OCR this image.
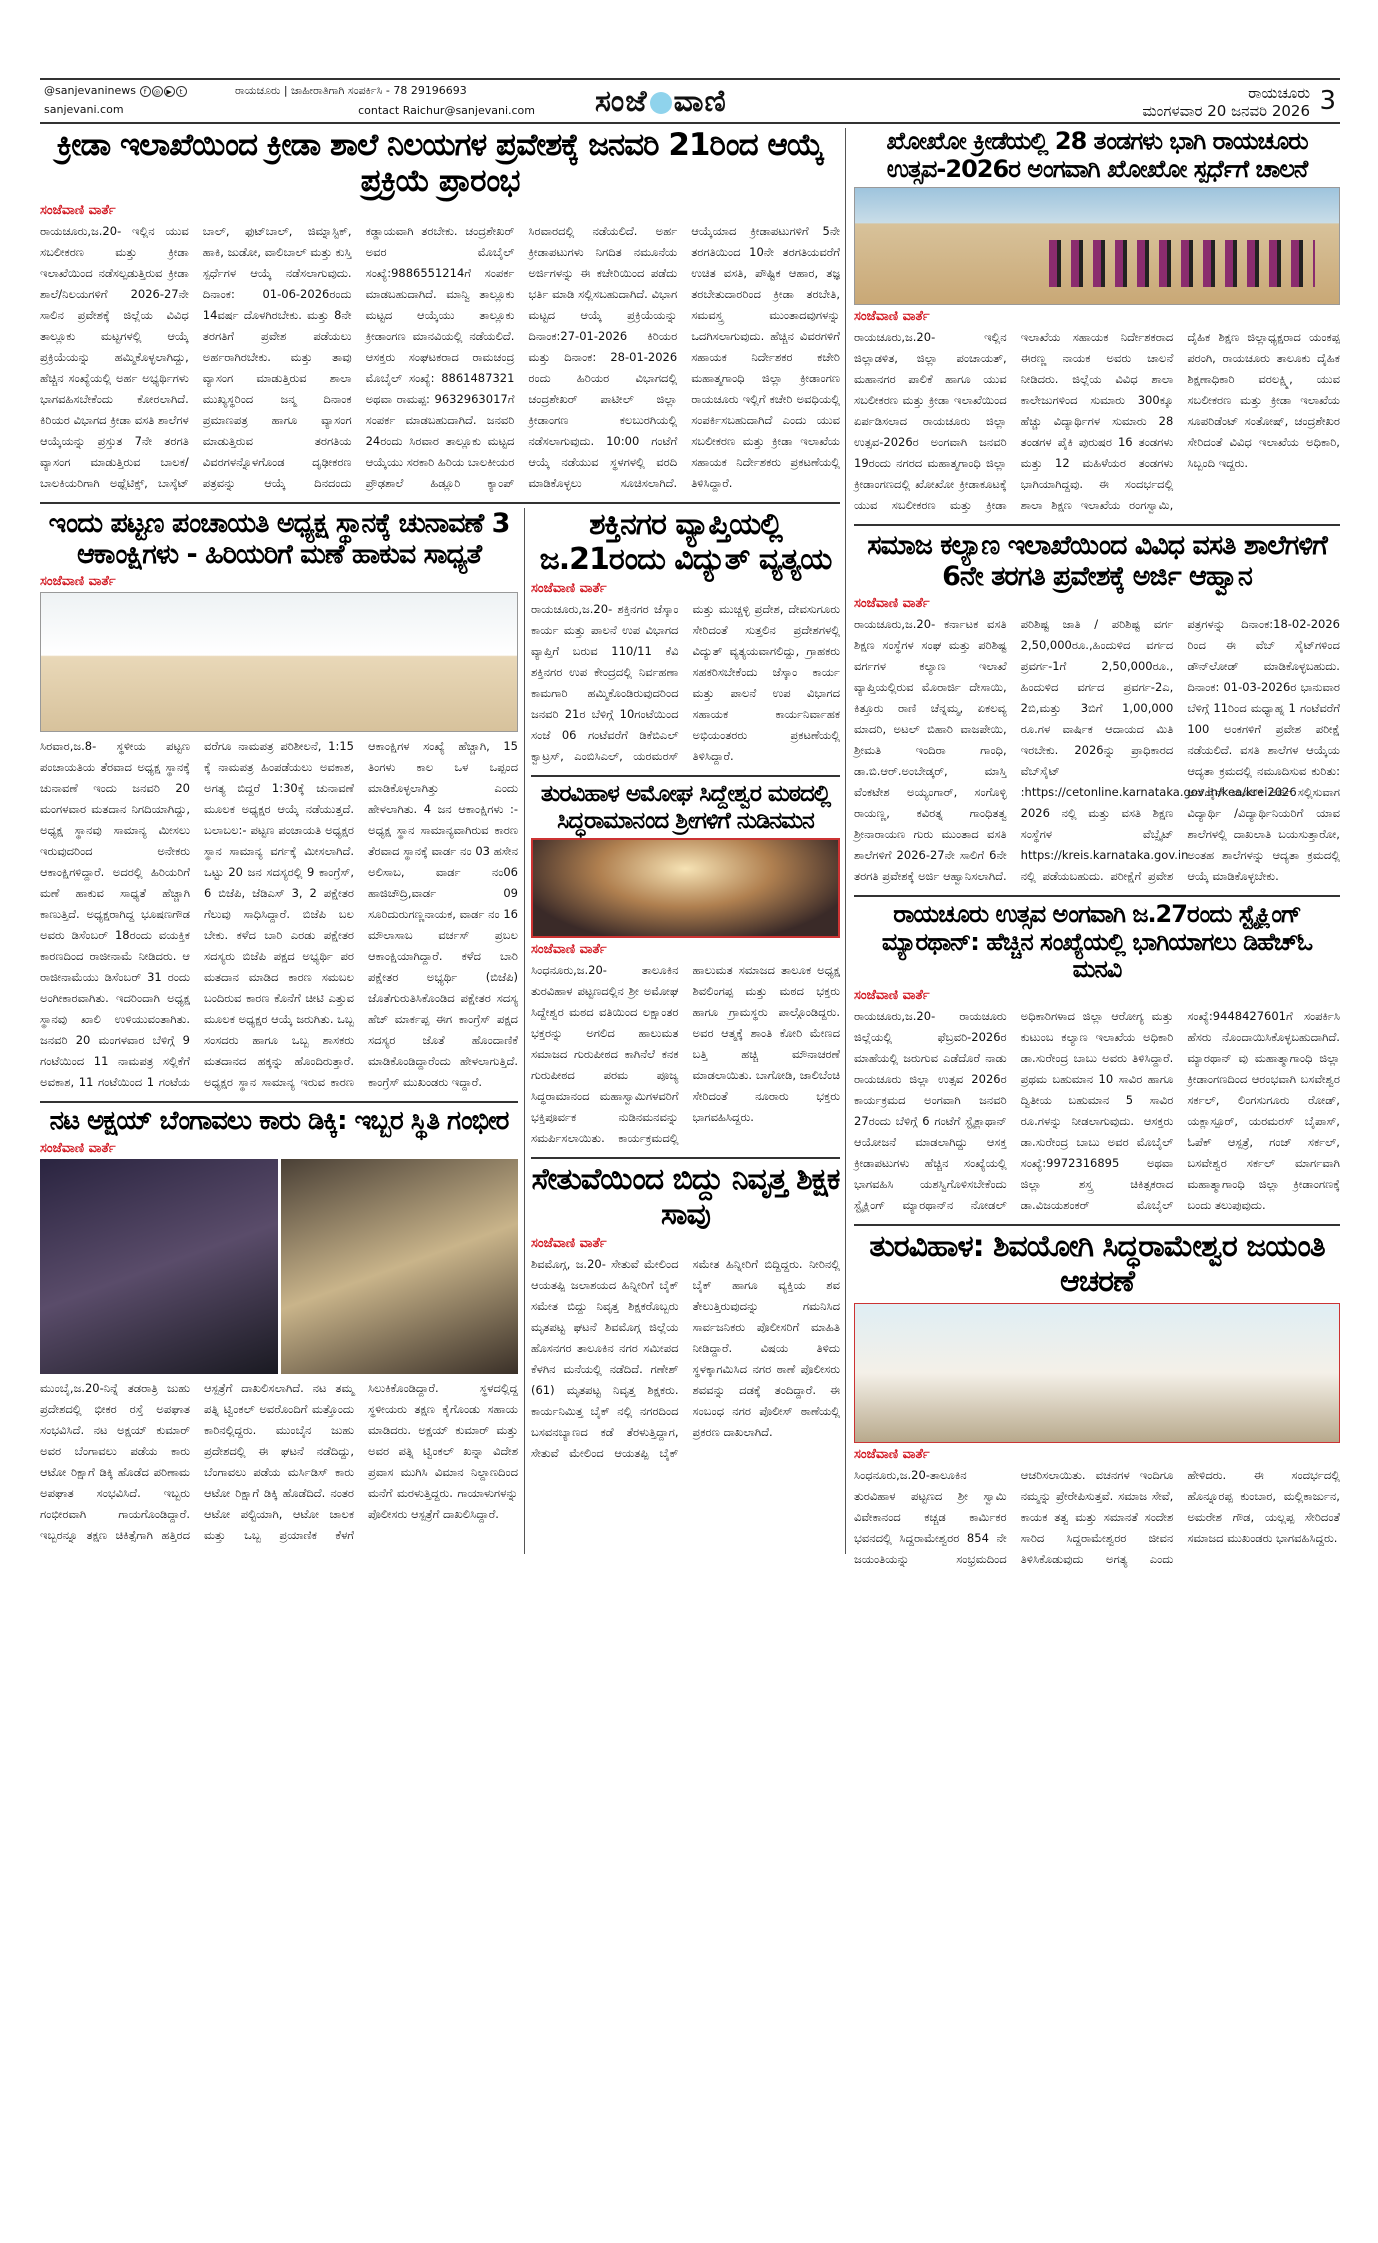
@sanjevaninews f ◎ ▶ t
sanjevani.com
ರಾಯಚೂರು | ಜಾಹೀರಾತಿಗಾಗಿ ಸಂಪರ್ಕಿಸಿ - 78 29196693
contact Raichur@sanjevani.com ಸಂಜೆ ವಾಣಿ	ರಾಯಚೂರು
ಮಂಗಳವಾರ 20 ಜನವರಿ 2026 3
ಕ್ರೀಡಾ ಇಲಾಖೆಯಿಂದ ಕ್ರೀಡಾ ಶಾಲೆ ನಿಲಯಗಳ ಪ್ರವೇಶಕ್ಕೆ ಜನವರಿ 21ರಿಂದ ಆಯ್ಕೆ ಪ್ರಕ್ರಿಯೆ ಪ್ರಾರಂಭ
ಸಂಜೆವಾಣಿ ವಾರ್ತೆ

ರಾಯಚೂರು,ಜ.20- ಇಲ್ಲಿನ ಯುವ ಸಬಲೀಕರಣ ಮತ್ತು ಕ್ರೀಡಾ ಇಲಾಖೆಯಿಂದ ನಡೆಸಲ್ಪಡುತ್ತಿರುವ ಕ್ರೀಡಾ ಶಾಲೆ/ನಿಲಯಗಳಿಗೆ 2026-27ನೇ ಸಾಲಿನ ಪ್ರವೇಶಕ್ಕೆ ಜಿಲ್ಲೆಯ ವಿವಿಧ ತಾಲ್ಲೂಕು ಮಟ್ಟಗಳಲ್ಲಿ ಆಯ್ಕೆ ಪ್ರಕ್ರಿಯೆಯನ್ನು ಹಮ್ಮಿಕೊಳ್ಳಲಾಗಿದ್ದು, ಹೆಚ್ಚಿನ ಸಂಖ್ಯೆಯಲ್ಲಿ ಅರ್ಹ ಅಭ್ಯರ್ಥಿಗಳು ಭಾಗವಹಿಸಬೇಕೆಂದು ಕೋರಲಾಗಿದೆ. ಕಿರಿಯರ ವಿಭಾಗದ ಕ್ರೀಡಾ ವಸತಿ ಶಾಲೆಗಳ ಆಯ್ಕೆಯನ್ನು ಪ್ರಸ್ತುತ 7ನೇ ತರಗತಿ ವ್ಯಾಸಂಗ ಮಾಡುತ್ತಿರುವ ಬಾಲಕ/ಬಾಲಕಿಯರಿಗಾಗಿ ಅಥ್ಲೆಟಿಕ್ಸ್, ಬಾಸ್ಕೆಟ್ ಬಾಲ್, ಫುಟ್‌ಬಾಲ್, ಜಿಮ್ನಾಸ್ಟಿಕ್, ಹಾಕಿ, ಜುಡೋ, ವಾಲಿಬಾಲ್ ಮತ್ತು ಕುಸ್ತಿ ಸ್ಪರ್ಧೆಗಳ ಆಯ್ಕೆ ನಡೆಸಲಾಗುವುದು. ದಿನಾಂಕ: 01-06-2026ರಂದು 14ವರ್ಷ ದೊಳಗಿರಬೇಕು. ಮತ್ತು 8ನೇ ತರಗತಿಗೆ ಪ್ರವೇಶ ಪಡೆಯಲು ಅರ್ಹರಾಗಿರಬೇಕು. ಮತ್ತು ತಾವು ವ್ಯಾಸಂಗ ಮಾಡುತ್ತಿರುವ ಶಾಲಾ ಮುಖ್ಯಸ್ಥರಿಂದ ಜನ್ಮ ದಿನಾಂಕ ಪ್ರಮಾಣಪತ್ರ ಹಾಗೂ ವ್ಯಾಸಂಗ ಮಾಡುತ್ತಿರುವ ತರಗತಿಯ ವಿವರಗಳನ್ನೊಳಗೊಂಡ ದೃಢೀಕರಣ ಪತ್ರವನ್ನು ಆಯ್ಕೆ ದಿನದಂದು ಕಡ್ಡಾಯವಾಗಿ ತರಬೇಕು. ಚಂದ್ರಶೇಖರ್ ಅವರ ಮೊಬೈಲ್ ಸಂಖ್ಯೆ:9886551214ಗೆ ಸಂಪರ್ಕ ಮಾಡಬಹುದಾಗಿದೆ. ಮಾನ್ವಿ ತಾಲ್ಲೂಕು ಮಟ್ಟದ ಆಯ್ಕೆಯು ತಾಲ್ಲೂಕು ಕ್ರೀಡಾಂಗಣ ಮಾನವಿಯಲ್ಲಿ ನಡೆಯಲಿದೆ. ಆಸಕ್ತರು ಸಂಘಟಕರಾದ ರಾಮಚಂದ್ರ ಮೊಬೈಲ್ ಸಂಖ್ಯೆ: 8861487321 ಅಥವಾ ರಾಮಪ್ಪ: 9632963017ಗೆ ಸಂಪರ್ಕ ಮಾಡಬಹುದಾಗಿದೆ. ಜನವರಿ 24ರಂದು ಸಿರವಾರ ತಾಲ್ಲೂಕು ಮಟ್ಟದ ಆಯ್ಕೆಯು ಸರಕಾರಿ ಹಿರಿಯ ಬಾಲಕೀಯರ ಪ್ರೌಢಶಾಲೆ ಹಿಡ್ಲೂರಿ ಕ್ಯಾಂಪ್ ಸಿರವಾರದಲ್ಲಿ ನಡೆಯಲಿದೆ. ಅರ್ಹ ಕ್ರೀಡಾಪಟುಗಳು ನಿಗದಿತ ನಮೂನೆಯ ಅರ್ಜಿಗಳನ್ನು ಈ ಕಚೇರಿಯಿಂದ ಪಡೆದು ಭರ್ತಿ ಮಾಡಿ ಸಲ್ಲಿಸಬಹುದಾಗಿದೆ. ವಿಭಾಗ ಮಟ್ಟದ ಆಯ್ಕೆ ಪ್ರಕ್ರಿಯೆಯನ್ನು ದಿನಾಂಕ:27-01-2026 ಕಿರಿಯರ ಮತ್ತು ದಿನಾಂಕ: 28-01-2026 ರಂದು ಹಿರಿಯರ ವಿಭಾಗದಲ್ಲಿ ಚಂದ್ರಶೇಖರ್ ಪಾಟೀಲ್ ಜಿಲ್ಲಾ ಕ್ರೀಡಾಂಗಣ ಕಲಬುರಗಿಯಲ್ಲಿ ನಡೆಸಲಾಗುವುದು. 10:00 ಗಂಟೆಗೆ ಆಯ್ಕೆ ನಡೆಯುವ ಸ್ಥಳಗಳಲ್ಲಿ ವರದಿ ಮಾಡಿಕೊಳ್ಳಲು ಸೂಚಿಸಲಾಗಿದೆ. ಆಯ್ಕೆಯಾದ ಕ್ರೀಡಾಪಟುಗಳಿಗೆ 5ನೇ ತರಗತಿಯಿಂದ 10ನೇ ತರಗತಿಯವರೆಗೆ ಉಚಿತ ವಸತಿ, ಪೌಷ್ಟಿಕ ಆಹಾರ, ತಜ್ಞ ತರಬೇತುದಾರರಿಂದ ಕ್ರೀಡಾ ತರಬೇತಿ, ಸಮವಸ್ತ್ರ ಮುಂತಾದವುಗಳನ್ನು ಒದಗಿಸಲಾಗುವುದು. ಹೆಚ್ಚಿನ ವಿವರಗಳಿಗೆ ಸಹಾಯಕ ನಿರ್ದೇಶಕರ ಕಚೇರಿ ಮಹಾತ್ಮಗಾಂಧಿ ಜಿಲ್ಲಾ ಕ್ರೀಡಾಂಗಣ ರಾಯಚೂರು ಇಲ್ಲಿಗೆ ಕಚೇರಿ ಅವಧಿಯಲ್ಲಿ ಸಂಪರ್ಕಿಸಬಹುದಾಗಿದೆ ಎಂದು ಯುವ ಸಬಲೀಕರಣ ಮತ್ತು ಕ್ರೀಡಾ ಇಲಾಖೆಯ ಸಹಾಯಕ ನಿರ್ದೇಶಕರು ಪ್ರಕಟಣೆಯಲ್ಲಿ ತಿಳಿಸಿದ್ದಾರೆ.

ಇಂದು ಪಟ್ಟಣ ಪಂಚಾಯತಿ ಅಧ್ಯಕ್ಷ ಸ್ಥಾನಕ್ಕೆ ಚುನಾವಣೆ 3 ಆಕಾಂಕ್ಷಿಗಳು - ಹಿರಿಯರಿಗೆ ಮಣೆ ಹಾಕುವ ಸಾಧ್ಯತೆ
ಸಂಜೆವಾಣಿ ವಾರ್ತೆ

ಸಿರವಾರ,ಜ.8- ಸ್ಥಳೀಯ ಪಟ್ಟಣ ಪಂಚಾಯತಿಯ ತೆರವಾದ ಅಧ್ಯಕ್ಷ ಸ್ಥಾನಕ್ಕೆ ಚುನಾವಣೆ ಇಂದು ಜನವರಿ 20 ಮಂಗಳವಾರ ಮತದಾನ ನಿಗದಿಯಾಗಿದ್ದು, ಅಧ್ಯಕ್ಷ ಸ್ಥಾನವು ಸಾಮಾನ್ಯ ಮೀಸಲು ಇರುವುದರಿಂದ ಅನೇಕರು ಆಕಾಂಕ್ಷಿಗಳಿದ್ದಾರೆ. ಅದರಲ್ಲಿ ಹಿರಿಯರಿಗೆ ಮಣೆ ಹಾಕುವ ಸಾಧ್ಯತೆ ಹೆಚ್ಚಾಗಿ ಕಾಣುತ್ತಿದೆ. ಅಧ್ಯಕ್ಷರಾಗಿದ್ದ ಭೂಷಣಗೌಡ ಅವರು ಡಿಸೆಂಬರ್ 18ರಂದು ವಯಕ್ತಿಕ ಕಾರಣದಿಂದ ರಾಜೀನಾಮೆ ನೀಡಿದರು. ಆ ರಾಜೀನಾಮೆಯು ಡಿಸೆಂಬರ್ 31 ರಂದು ಅಂಗೀಕಾರವಾಗಿತು. ಇದರಿಂದಾಗಿ ಅಧ್ಯಕ್ಷ ಸ್ಥಾನವು ಖಾಲಿ ಉಳಿಯುವಂತಾಗಿತು. ಜನವರಿ 20 ಮಂಗಳವಾರ ಬೆಳಿಗ್ಗೆ 9 ಗಂಟೆಯಿಂದ 11 ನಾಮಪತ್ರ ಸಲ್ಲಿಕೆಗೆ ಅವಕಾಶ, 11 ಗಂಟೆಯಿಂದ 1 ಗಂಟೆಯ ವರೆಗೂ ನಾಮಪತ್ರ ಪರಿಶೀಲನೆ, 1:15 ಕ್ಕೆ ನಾಮಪತ್ರ ಹಿಂಪಡೆಯಲು ಅವಕಾಶ, ಅಗತ್ಯ ಬಿದ್ದರೆ 1:30ಕ್ಕೆ ಚುನಾವಣೆ ಮೂಲಕ ಅಧ್ಯಕ್ಷರ ಆಯ್ಕೆ ನಡೆಯುತ್ತದೆ. ಬಲಾಬಲ:- ಪಟ್ಟಣ ಪಂಚಾಯತಿ ಅಧ್ಯಕ್ಷರ ಸ್ಥಾನ ಸಾಮಾನ್ಯ ವರ್ಗಕ್ಕೆ ಮೀಸಲಾಗಿದೆ. ಒಟ್ಟು 20 ಜನ ಸದಸ್ಯರಲ್ಲಿ 9 ಕಾಂಗ್ರೆಸ್, 6 ಬಿಜೆಪಿ, ಜೆಡಿಎಸ್ 3, 2 ಪಕ್ಷೇತರ ಗೆಲುವು ಸಾಧಿಸಿದ್ದಾರೆ. ಬಿಜೆಪಿ ಬಲ ಬೇಕು. ಕಳೆದ ಬಾರಿ ಎರಡು ಪಕ್ಷೇತರ ಸದಸ್ಯರು ಬಿಜೆಪಿ ಪಕ್ಷದ ಅಭ್ಯರ್ಥಿ ಪರ ಮತದಾನ ಮಾಡಿದ ಕಾರಣ ಸಮಬಲ ಬಂದಿರುವ ಕಾರಣ ಕೊನೆಗೆ ಚೀಟಿ ಎತ್ತುವ ಮೂಲಕ ಅಧ್ಯಕ್ಷರ ಆಯ್ಕೆ ಜರುಗಿತು. ಒಬ್ಬ ಸಂಸದರು ಹಾಗೂ ಒಬ್ಬ ಶಾಸಕರು ಮತದಾನದ ಹಕ್ಕನ್ನು ಹೊಂದಿರುತ್ತಾರೆ. ಅಧ್ಯಕ್ಷರ ಸ್ಥಾನ ಸಾಮಾನ್ಯ ಇರುವ ಕಾರಣ ಆಕಾಂಕ್ಷಿಗಳ ಸಂಖ್ಯೆ ಹೆಚ್ಚಾಗಿ, 15 ತಿಂಗಳು ಕಾಲ ಒಳ ಒಪ್ಪಂದ ಮಾಡಿಕೊಳ್ಳಲಾಗಿತ್ತು ಎಂದು ಹೇಳಲಾಗಿತು. 4 ಜನ ಆಕಾಂಕ್ಷಿಗಳು :- ಅಧ್ಯಕ್ಷ ಸ್ಥಾನ ಸಾಮಾನ್ಯವಾಗಿರುವ ಕಾರಣ ತೆರವಾದ ಸ್ಥಾನಕ್ಕೆ ವಾರ್ಡ ನಂ 03 ಹಸೇನ ಅಲಿಸಾಬ, ವಾರ್ಡ ನಂ06 ಹಾಜಿಚೌದ್ರಿ,ವಾರ್ಡ 09 ಸೂರಿದುರುಗಣ್ಣನಾಯಕ, ವಾರ್ಡ ನಂ 16 ಮೌಲಾಸಾಬ ವರ್ಚಸ್ ಪ್ರಬಲ ಆಕಾಂಕ್ಷಿಯಾಗಿದ್ದಾರೆ. ಕಳೆದ ಬಾರಿ ಪಕ್ಷೇತರ ಅಭ್ಯರ್ಥಿ (ಬಿಜೆಪಿ) ಜೊತೆಗುರುತಿಸಿಕೊಂಡಿದ ಪಕ್ಷೇತರ ಸದಸ್ಯ ಹೆಚ್ ಮಾರ್ಕಪ್ಪ ಈಗ ಕಾಂಗ್ರೆಸ್ ಪಕ್ಷದ ಸದಸ್ಯರ ಜೊತೆ ಹೊಂದಾಣಿಕೆ ಮಾಡಿಕೊಂಡಿದ್ದಾರೆಂದು ಹೇಳಲಾಗುತ್ತಿದೆ. ಕಾಂಗ್ರೆಸ್ ಮುಖಂಡರು ಇದ್ದಾರೆ.

ನಟ ಅಕ್ಷಯ್ ಬೆಂಗಾವಲು ಕಾರು ಡಿಕ್ಕಿ: ಇಬ್ಬರ ಸ್ಥಿತಿ ಗಂಭೀರ
ಸಂಜೆವಾಣಿ ವಾರ್ತೆ

ಮುಂಬೈ,ಜ.20-ನಿನ್ನೆ ತಡರಾತ್ರಿ ಜುಹು ಪ್ರದೇಶದಲ್ಲಿ ಭೀಕರ ರಸ್ತೆ ಅಪಘಾತ ಸಂಭವಿಸಿದೆ. ನಟ ಅಕ್ಷಯ್ ಕುಮಾರ್ ಅವರ ಬೆಂಗಾವಲು ಪಡೆಯ ಕಾರು ಆಟೋ ರಿಕ್ಷಾಗೆ ಡಿಕ್ಕಿ ಹೊಡೆದ ಪರಿಣಾಮ ಅಪಘಾತ ಸಂಭವಿಸಿದೆ. ಇಬ್ಬರು ಗಂಭೀರವಾಗಿ ಗಾಯಗೊಂಡಿದ್ದಾರೆ. ಇಬ್ಬರನ್ನೂ ತಕ್ಷಣ ಚಿಕಿತ್ಸೆಗಾಗಿ ಹತ್ತಿರದ ಆಸ್ಪತ್ರೆಗೆ ದಾಖಲಿಸಲಾಗಿದೆ. ನಟ ತಮ್ಮ ಪತ್ನಿ ಟ್ವಿಂಕಲ್ ಅವರೊಂದಿಗೆ ಮತ್ತೊಂದು ಕಾರಿನಲ್ಲಿದ್ದರು. ಮುಂಬೈನ ಜುಹು ಪ್ರದೇಶದಲ್ಲಿ ಈ ಘಟನೆ ನಡೆದಿದ್ದು, ಬೆಂಗಾವಲು ಪಡೆಯ ಮರ್ಸಿಡಿಸ್ ಕಾರು ಆಟೋ ರಿಕ್ಷಾಗೆ ಡಿಕ್ಕಿ ಹೊಡೆದಿದೆ. ನಂತರ ಆಟೋ ಪಲ್ಟಿಯಾಗಿ, ಆಟೋ ಚಾಲಕ ಮತ್ತು ಒಬ್ಬ ಪ್ರಯಾಣಿಕ ಕೆಳಗೆ ಸಿಲುಕಿಕೊಂಡಿದ್ದಾರೆ. ಸ್ಥಳದಲ್ಲಿದ್ದ ಸ್ಥಳೀಯರು ತಕ್ಷಣ ಕೈಗೊಂಡು ಸಹಾಯ ಮಾಡಿದರು. ಅಕ್ಷಯ್ ಕುಮಾರ್ ಮತ್ತು ಅವರ ಪತ್ನಿ ಟ್ವಿಂಕಲ್ ಖನ್ನಾ ವಿದೇಶ ಪ್ರವಾಸ ಮುಗಿಸಿ ವಿಮಾನ ನಿಲ್ದಾಣದಿಂದ ಮನೆಗೆ ಮರಳುತ್ತಿದ್ದರು. ಗಾಯಾಳುಗಳನ್ನು ಪೊಲೀಸರು ಆಸ್ಪತ್ರೆಗೆ ದಾಖಲಿಸಿದ್ದಾರೆ.

ಶಕ್ತಿನಗರ ವ್ಯಾಪ್ತಿಯಲ್ಲಿ ಜ.21ರಂದು ವಿದ್ಯುತ್ ವ್ಯತ್ಯಯ
ಸಂಜೆವಾಣಿ ವಾರ್ತೆ

ರಾಯಚೂರು,ಜ.20- ಶಕ್ತಿನಗರ ಜೆಸ್ಕಾಂ ಕಾರ್ಯ ಮತ್ತು ಪಾಲನೆ ಉಪ ವಿಭಾಗದ ವ್ಯಾಪ್ತಿಗೆ ಬರುವ 110/11 ಕೆವಿ ಶಕ್ತಿನಗರ ಉಪ ಕೇಂದ್ರದಲ್ಲಿ ನಿರ್ವಹಣಾ ಕಾಮಗಾರಿ ಹಮ್ಮಿಕೊಂಡಿರುವುದರಿಂದ ಜನವರಿ 21ರ ಬೆಳಿಗ್ಗೆ 10ಗಂಟೆಯಿಂದ ಸಂಜೆ 06 ಗಂಟೆವರೆಗೆ ಡಿಕೆಬಿಎಲ್ ಕ್ವಾಟ್ರಸ್, ಎಂಬಿಸಿಎಲ್, ಯರಮರಸ್ ಮತ್ತು ಮುಚ್ಚಳ್ಳಿ ಪ್ರದೇಶ, ದೇವಸುಗೂರು ಸೇರಿದಂತೆ ಸುತ್ತಲಿನ ಪ್ರದೇಶಗಳಲ್ಲಿ ವಿದ್ಯುತ್ ವ್ಯತ್ಯಯವಾಗಲಿದ್ದು, ಗ್ರಾಹಕರು ಸಹಕರಿಸಬೇಕೆಂದು ಜೆಸ್ಕಾಂ ಕಾರ್ಯ ಮತ್ತು ಪಾಲನೆ ಉಪ ವಿಭಾಗದ ಸಹಾಯಕ ಕಾರ್ಯನಿರ್ವಾಹಕ ಅಭಿಯಂತರರು ಪ್ರಕಟಣೆಯಲ್ಲಿ ತಿಳಿಸಿದ್ದಾರೆ.

ತುರವಿಹಾಳ ಅಮೋಘ ಸಿದ್ದೇಶ್ವರ ಮಠದಲ್ಲಿ ಸಿದ್ಧರಾಮಾನಂದ ಶ್ರೀಗಳಿಗೆ ನುಡಿನಮನ
ಸಂಜೆವಾಣಿ ವಾರ್ತೆ

ಸಿಂಧನೂರು,ಜ.20- ತಾಲೂಕಿನ ತುರವಿಹಾಳ ಪಟ್ಟಣದಲ್ಲಿನ ಶ್ರೀ ಅಮೋಘ ಸಿದ್ದೇಶ್ವರ ಮಠದ ವತಿಯಿಂದ ಲಕ್ಷಾಂತರ ಭಕ್ತರನ್ನು ಅಗಲಿದ ಹಾಲುಮತ ಸಮಾಜದ ಗುರುಪೀಠದ ಕಾಗಿನೆಲೆ ಕನಕ ಗುರುಪೀಠದ ಪರಮ ಪೂಜ್ಯ ಸಿದ್ಧರಾಮಾನಂದ ಮಹಾಸ್ವಾಮಿಗಳವರಿಗೆ ಭಕ್ತಿಪೂರ್ವಕ ನುಡಿನಮನವನ್ನು ಸಮರ್ಪಿಸಲಾಯಿತು. ಕಾರ್ಯಕ್ರಮದಲ್ಲಿ ಹಾಲುಮತ ಸಮಾಜದ ತಾಲೂಕ ಅಧ್ಯಕ್ಷ ಶಿವಲಿಂಗಪ್ಪ ಮತ್ತು ಮಠದ ಭಕ್ತರು ಹಾಗೂ ಗ್ರಾಮಸ್ಥರು ಪಾಲ್ಗೊಂಡಿದ್ದರು. ಅವರ ಆತ್ಮಕ್ಕೆ ಶಾಂತಿ ಕೋರಿ ಮೇಣದ ಬತ್ತಿ ಹಚ್ಚಿ ಮೌನಾಚರಣೆ ಮಾಡಲಾಯಿತು. ಬಾಗೋಡಿ, ಜಾಲಿಬೆಂಚಿ ಸೇರಿದಂತೆ ನೂರಾರು ಭಕ್ತರು ಭಾಗವಹಿಸಿದ್ದರು.

ಸೇತುವೆಯಿಂದ ಬಿದ್ದು ನಿವೃತ್ತ ಶಿಕ್ಷಕ ಸಾವು
ಸಂಜೆವಾಣಿ ವಾರ್ತೆ

ಶಿವಮೊಗ್ಗ, ಜ.20- ಸೇತುವೆ ಮೇಲಿಂದ ಆಯತಪ್ಪಿ ಜಲಾಶಯದ ಹಿನ್ನೀರಿಗೆ ಬೈಕ್ ಸಮೇತ ಬಿದ್ದು ನಿವೃತ್ತ ಶಿಕ್ಷಕರೊಬ್ಬರು ಮೃತಪಟ್ಟ ಘಟನೆ ಶಿವಮೊಗ್ಗ ಜಿಲ್ಲೆಯ ಹೊಸನಗರ ತಾಲೂಕಿನ ನಗರ ಸಮೀಪದ ಕೆಳಗಿನ ಮನೆಯಲ್ಲಿ ನಡೆದಿದೆ. ಗಣೇಶ್ (61) ಮೃತಪಟ್ಟ ನಿವೃತ್ತ ಶಿಕ್ಷಕರು. ಕಾರ್ಯನಿಮಿತ್ತ ಬೈಕ್ ನಲ್ಲಿ ನಗರದಿಂದ ಬಸವನಬ್ಯಾಣದ ಕಡೆ ತೆರಳುತ್ತಿದ್ದಾಗ, ಸೇತುವೆ ಮೇಲಿಂದ ಆಯತಪ್ಪಿ ಬೈಕ್ ಸಮೇತ ಹಿನ್ನೀರಿಗೆ ಬಿದ್ದಿದ್ದರು. ನೀರಿನಲ್ಲಿ ಬೈಕ್ ಹಾಗೂ ವ್ಯಕ್ತಿಯ ಶವ ತೇಲುತ್ತಿರುವುದನ್ನು ಗಮನಿಸಿದ ಸಾರ್ವಜನಿಕರು ಪೊಲೀಸರಿಗೆ ಮಾಹಿತಿ ನೀಡಿದ್ದಾರೆ. ವಿಷಯ ತಿಳಿದು ಸ್ಥಳಕ್ಕಾಗಮಿಸಿದ ನಗರ ಠಾಣೆ ಪೊಲೀಸರು ಶವವನ್ನು ದಡಕ್ಕೆ ತಂದಿದ್ದಾರೆ. ಈ ಸಂಬಂಧ ನಗರ ಪೊಲೀಸ್ ಠಾಣೆಯಲ್ಲಿ ಪ್ರಕರಣ ದಾಖಲಾಗಿದೆ.

ಖೋಖೋ ಕ್ರೀಡೆಯಲ್ಲಿ 28 ತಂಡಗಳು ಭಾಗಿ ರಾಯಚೂರು ಉತ್ಸವ-2026ರ ಅಂಗವಾಗಿ ಖೋಖೋ ಸ್ಪರ್ಧೆಗೆ ಚಾಲನೆ
ಸಂಜೆವಾಣಿ ವಾರ್ತೆ

ರಾಯಚೂರು,ಜ.20- ಇಲ್ಲಿನ ಜಿಲ್ಲಾಡಳಿತ, ಜಿಲ್ಲಾ ಪಂಚಾಯತ್, ಮಹಾನಗರ ಪಾಲಿಕೆ ಹಾಗೂ ಯುವ ಸಬಲೀಕರಣ ಮತ್ತು ಕ್ರೀಡಾ ಇಲಾಖೆಯಿಂದ ಏರ್ಪಡಿಸಲಾದ ರಾಯಚೂರು ಜಿಲ್ಲಾ ಉತ್ಸವ-2026ರ ಅಂಗವಾಗಿ ಜನವರಿ 19ರಂದು ನಗರದ ಮಹಾತ್ಮಗಾಂಧಿ ಜಿಲ್ಲಾ ಕ್ರೀಡಾಂಗಣದಲ್ಲಿ ಖೋಖೋ ಕ್ರೀಡಾಕೂಟಕ್ಕೆ ಯುವ ಸಬಲೀಕರಣ ಮತ್ತು ಕ್ರೀಡಾ ಇಲಾಖೆಯ ಸಹಾಯಕ ನಿರ್ದೇಶಕರಾದ ಈರಣ್ಣ ನಾಯಕ ಅವರು ಚಾಲನೆ ನೀಡಿದರು. ಜಿಲ್ಲೆಯ ವಿವಿಧ ಶಾಲಾ ಕಾಲೇಜುಗಳಿಂದ ಸುಮಾರು 300ಕ್ಕೂ ಹೆಚ್ಚು ವಿದ್ಯಾರ್ಥಿಗಳ ಸುಮಾರು 28 ತಂಡಗಳ ಪೈಕಿ ಪುರುಷರ 16 ತಂಡಗಳು ಮತ್ತು 12 ಮಹಿಳೆಯರ ತಂಡಗಳು ಭಾಗಿಯಾಗಿದ್ದವು. ಈ ಸಂದರ್ಭದಲ್ಲಿ ಶಾಲಾ ಶಿಕ್ಷಣ ಇಲಾಖೆಯ ರಂಗಸ್ವಾಮಿ, ದೈಹಿಕ ಶಿಕ್ಷಣ ಜಿಲ್ಲಾಧ್ಯಕ್ಷರಾದ ಯಂಕಪ್ಪ ಪರಂಗಿ, ರಾಯಚೂರು ತಾಲೂಕು ದೈಹಿಕ ಶಿಕ್ಷಣಾಧಿಕಾರಿ ವರಲಕ್ಷ್ಮಿ, ಯುವ ಸಬಲೀಕರಣ ಮತ್ತು ಕ್ರೀಡಾ ಇಲಾಖೆಯ ಸೂಪರಿಡೆಂಟ್ ಸಂತೋಷ್, ಚಂದ್ರಶೇಖರ ಸೇರಿದಂತೆ ವಿವಿಧ ಇಲಾಖೆಯ ಅಧಿಕಾರಿ, ಸಿಬ್ಬಂದಿ ಇದ್ದರು.

ಸಮಾಜ ಕಲ್ಯಾಣ ಇಲಾಖೆಯಿಂದ ವಿವಿಧ ವಸತಿ ಶಾಲೆಗಳಿಗೆ 6ನೇ ತರಗತಿ ಪ್ರವೇಶಕ್ಕೆ ಅರ್ಜಿ ಆಹ್ವಾನ
ಸಂಜೆವಾಣಿ ವಾರ್ತೆ

ರಾಯಚೂರು,ಜ.20- ಕರ್ನಾಟಕ ವಸತಿ ಶಿಕ್ಷಣ ಸಂಸ್ಥೆಗಳ ಸಂಘ ಮತ್ತು ಪರಿಶಿಷ್ಟ ವರ್ಗಗಳ ಕಲ್ಯಾಣ ಇಲಾಖೆ ವ್ಯಾಪ್ತಿಯಲ್ಲಿರುವ ಮೊರಾರ್ಜಿ ದೇಸಾಯಿ, ಕಿತ್ತೂರು ರಾಣಿ ಚೆನ್ನಮ್ಮ, ಏಕಲವ್ಯ ಮಾದರಿ, ಅಟಲ್ ಬಿಹಾರಿ ವಾಜಪೇಯಿ, ಶ್ರೀಮತಿ ಇಂದಿರಾ ಗಾಂಧಿ, ಡಾ.ಬಿ.ಆರ್.ಅಂಬೇಡ್ಕರ್, ಮಾಸ್ತಿ ವೆಂಕಟೇಶ ಅಯ್ಯಂಗಾರ್, ಸಂಗೊಳ್ಳಿ ರಾಯಣ್ಣ, ಕವಿರತ್ನ ಗಾಂಧಿತತ್ವ ಶ್ರೀನಾರಾಯಣ ಗುರು ಮುಂತಾದ ವಸತಿ ಶಾಲೆಗಳಿಗೆ 2026-27ನೇ ಸಾಲಿಗೆ 6ನೇ ತರಗತಿ ಪ್ರವೇಶಕ್ಕೆ ಅರ್ಜಿ ಆಹ್ವಾನಿಸಲಾಗಿದೆ. ಪರಿಶಿಷ್ಟ ಜಾತಿ / ಪರಿಶಿಷ್ಟ ವರ್ಗ 2,50,000ರೂ.,ಹಿಂದುಳಿದ ವರ್ಗದ ಪ್ರವರ್ಗ-1ಗೆ 2,50,000ರೂ., ಹಿಂದುಳಿದ ವರ್ಗದ ಪ್ರವರ್ಗ-2ಎ, 2ಬಿ,ಮತ್ತು 3ಬಿಗೆ 1,00,000 ರೂ.ಗಳ ವಾರ್ಷಿಕ ಆದಾಯದ ಮಿತಿ ಇರಬೇಕು. 2026ನ್ನು ಪ್ರಾಧಿಕಾರದ ವೆಬ್‌ಸೈಟ್ :https://cetonline.karnataka.gov.in/kea/krei2026 2026 ನಲ್ಲಿ ಮತ್ತು ವಸತಿ ಶಿಕ್ಷಣ ಸಂಸ್ಥೆಗಳ ವೆಬ್ಸೈಟ್ https://kreis.karnataka.gov.in ನಲ್ಲಿ ಪಡೆಯಬಹುದು. ಪರೀಕ್ಷೆಗೆ ಪ್ರವೇಶ ಪತ್ರಗಳನ್ನು ದಿನಾಂಕ:18-02-2026 ರಿಂದ ಈ ವೆಬ್ ಸೈಟ್‌ಗಳಿಂದ ಡೌನ್‌ಲೋಡ್ ಮಾಡಿಕೊಳ್ಳಬಹುದು. ದಿನಾಂಕ: 01-03-2026ರ ಭಾನುವಾರ ಬೆಳಿಗ್ಗೆ 11ರಿಂದ ಮಧ್ಯಾಹ್ನ 1 ಗಂಟೆವರೆಗೆ 100 ಅಂಕಗಳಿಗೆ ಪ್ರವೇಶ ಪರೀಕ್ಷೆ ನಡೆಯಲಿದೆ. ವಸತಿ ಶಾಲೆಗಳ ಆಯ್ಕೆಯ ಆದ್ಯತಾ ಕ್ರಮದಲ್ಲಿ ನಮೂದಿಸುವ ಕುರಿತು: ಆನ್‌ಲೈನ್ ಮೂಲಕ ಅರ್ಜಿ ಸಲ್ಲಿಸುವಾಗ ವಿದ್ಯಾರ್ಥಿ /ವಿದ್ಯಾರ್ಥಿನಿಯರಿಗೆ ಯಾವ ಶಾಲೆಗಳಲ್ಲಿ ದಾಖಲಾತಿ ಬಯಸುತ್ತಾರೋ, ಅಂತಹ ಶಾಲೆಗಳನ್ನು ಆದ್ಯತಾ ಕ್ರಮದಲ್ಲಿ ಆಯ್ಕೆ ಮಾಡಿಕೊಳ್ಳಬೇಕು.

ರಾಯಚೂರು ಉತ್ಸವ ಅಂಗವಾಗಿ ಜ.27ರಂದು ಸ್ಟೈಕ್ಲಿಂಗ್ ಮ್ಯಾರಥಾನ್: ಹೆಚ್ಚಿನ ಸಂಖ್ಯೆಯಲ್ಲಿ ಭಾಗಿಯಾಗಲು ಡಿಹೆಚ್‌ಓ ಮನವಿ
ಸಂಜೆವಾಣಿ ವಾರ್ತೆ

ರಾಯಚೂರು,ಜ.20- ರಾಯಚೂರು ಜಿಲ್ಲೆಯಲ್ಲಿ ಫೆಬ್ರವರಿ-2026ರ ಮಾಹೆಯಲ್ಲಿ ಜರುಗುವ ಎಡೆದೊರೆ ನಾಡು ರಾಯಚೂರು ಜಿಲ್ಲಾ ಉತ್ಸವ 2026ರ ಕಾರ್ಯಕ್ರಮದ ಅಂಗವಾಗಿ ಜನವರಿ 27ರಂದು ಬೆಳಿಗ್ಗೆ 6 ಗಂಟೆಗೆ ಸ್ಟೈಕ್ಲಾಥಾನ್ ಆಯೋಜನೆ ಮಾಡಲಾಗಿದ್ದು ಆಸಕ್ತ ಕ್ರೀಡಾಪಟುಗಳು ಹೆಚ್ಚಿನ ಸಂಖ್ಯೆಯಲ್ಲಿ ಭಾಗವಹಿಸಿ ಯಶಸ್ವಿಗೊಳಿಸಬೇಕೆಂದು ಸ್ಟೈಕ್ಲಿಂಗ್ ಮ್ಯಾರಥಾನ್‌ನ ನೋಡಲ್ ಅಧಿಕಾರಿಗಳಾದ ಜಿಲ್ಲಾ ಆರೋಗ್ಯ ಮತ್ತು ಕುಟುಂಬ ಕಲ್ಯಾಣ ಇಲಾಖೆಯ ಅಧಿಕಾರಿ ಡಾ.ಸುರೇಂದ್ರ ಬಾಬು ಅವರು ತಿಳಿಸಿದ್ದಾರೆ. ಪ್ರಥಮ ಬಹುಮಾನ 10 ಸಾವಿರ ಹಾಗೂ ದ್ವಿತೀಯ ಬಹುಮಾನ 5 ಸಾವಿರ ರೂ.ಗಳನ್ನು ನೀಡಲಾಗುವುದು. ಆಸಕ್ತರು ಡಾ.ಸುರೇಂದ್ರ ಬಾಬು ಅವರ ಮೊಬೈಲ್ ಸಂಖ್ಯೆ:9972316895 ಅಥವಾ ಜಿಲ್ಲಾ ಶಸ್ತ್ರ ಚಿಕಿತ್ಸಕರಾದ ಡಾ.ವಿಜಯಶಂಕರ್ ಮೊಬೈಲ್ ಸಂಖ್ಯೆ:9448427601ಗೆ ಸಂಪರ್ಕಿಸಿ ಹೆಸರು ನೊಂದಾಯಿಸಿಕೊಳ್ಳಬಹುದಾಗಿದೆ. ಮ್ಯಾರಥಾನ್ ವು ಮಹಾತ್ಮಾಗಾಂಧಿ ಜಿಲ್ಲಾ ಕ್ರೀಡಾಂಗಣದಿಂದ ಆರಂಭವಾಗಿ ಬಸವೇಶ್ವರ ಸರ್ಕಲ್, ಲಿಂಗಸುಗೂರು ರೋಡ್, ಯಕ್ಲಾಸ್ಪೂರ್, ಯರಮರಸ್ ಬೈಪಾಸ್, ಓಪೆಕ್ ಆಸ್ಪತ್ರೆ, ಗಂಜ್ ಸರ್ಕಲ್, ಬಸವೇಶ್ವರ ಸರ್ಕಲ್ ಮಾರ್ಗವಾಗಿ ಮಹಾತ್ಮಾಗಾಂಧಿ ಜಿಲ್ಲಾ ಕ್ರೀಡಾಂಗಣಕ್ಕೆ ಬಂದು ತಲುಪುವುದು.

ತುರವಿಹಾಳ: ಶಿವಯೋಗಿ ಸಿದ್ಧರಾಮೇಶ್ವರ ಜಯಂತಿ ಆಚರಣೆ
ಸಂಜೆವಾಣಿ ವಾರ್ತೆ

ಸಿಂಧನೂರು,ಜ.20-ತಾಲೂಕಿನ ತುರವಿಹಾಳ ಪಟ್ಟಣದ ಶ್ರೀ ಸ್ವಾಮಿ ವಿವೇಕಾನಂದ ಕಚ್ಚಡ ಕಾರ್ಮಿಕರ ಭವನದಲ್ಲಿ ಸಿದ್ದರಾಮೇಶ್ವರರ 854 ನೇ ಜಯಂತಿಯನ್ನು ಸಂಭ್ರಮದಿಂದ ಆಚರಿಸಲಾಯಿತು. ವಚನಗಳ ಇಂದಿಗೂ ನಮ್ಮನ್ನು ಪ್ರೇರೇಪಿಸುತ್ತವೆ. ಸಮಾಜ ಸೇವೆ, ಕಾಯಕ ತತ್ವ ಮತ್ತು ಸಮಾನತೆ ಸಂದೇಶ ಸಾರಿದ ಸಿದ್ದರಾಮೇಶ್ವರರ ಜೀವನ ತಿಳಿಸಿಕೊಡುವುದು ಅಗತ್ಯ ಎಂದು ಹೇಳಿದರು. ಈ ಸಂದರ್ಭದಲ್ಲಿ ಹೊನ್ನೂರಪ್ಪ ಕುಂಬಾರ, ಮಲ್ಲಿಕಾರ್ಜುನ, ಅಮರೇಶ ಗೌಡ, ಯಲ್ಲಪ್ಪ ಸೇರಿದಂತೆ ಸಮಾಜದ ಮುಖಂಡರು ಭಾಗವಹಿಸಿದ್ದರು.
